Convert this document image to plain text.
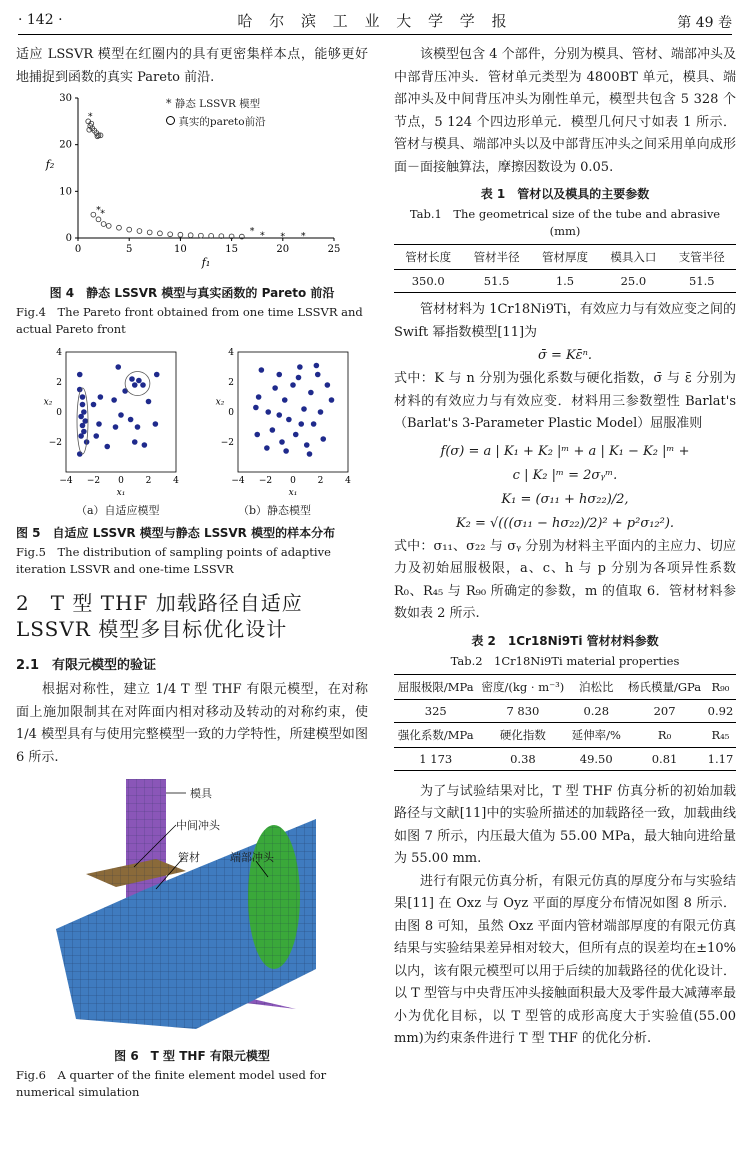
· 142 ·	哈 尔 滨 工 业 大 学 学 报	第 49 卷

适应 LSSVR 模型在红圈内的具有更密集样本点，能够更好地捕捉到函数的真实 Pareto 前沿.

0	5	10	15	20	25
0
10
20
30
f₁
f₂
*
* *
*
* *
*
* 静态 LSSVR 模型
真实的pareto前沿

图 4　静态 LSSVR 模型与真实函数的 Pareto 前沿

Fig.4　The Pareto front obtained from one time LSSVR and actual Pareto front

−4 −2 0 2 4
−2
0
2
4
x₁
x₂
−4 −2 0 2 4
−2
0
2
4
x₁
x₂
（a）自适应模型	（b）静态模型

图 5　自适应 LSSVR 模型与静态 LSSVR 模型的样本分布

Fig.5　The distribution of sampling points of adaptive iteration LSSVR and one-time LSSVR

2　T 型 THF 加载路径自适应 LSSVR 模型多目标优化设计

2.1　有限元模型的验证

根据对称性，建立 1/4 T 型 THF 有限元模型，在对称面上施加限制其在对阵面内相对移动及转动的对称约束，使 1/4 模型具有与使用完整模型一致的力学特性，所建模型如图 6 所示.

模具
中间冲头
管材	端部冲头

图 6　T 型 THF 有限元模型

Fig.6　A quarter of the finite element model used for numerical simulation

该模型包含 4 个部件，分别为模具、管材、端部冲头及中部背压冲头．管材单元类型为 4800BT 单元，模具、端部冲头及中间背压冲头为刚性单元，模型共包含 5 328 个节点，5 124 个四边形单元．模型几何尺寸如表 1 所示．管材与模具、端部冲头以及中部背压冲头之间采用单向成形面－面接触算法，摩擦因数设为 0.05.

表 1　管材以及模具的主要参数

Tab.1　The geometrical size of the tube and abrasive　(mm)

管材长度	管材半径	管材厚度	模具入口	支管半径
350.0	51.5	1.5	25.0	51.5

管材材料为 1Cr18Ni9Ti，有效应力与有效应变之间的 Swift 幂指数模型[11]为

σ̄ = Kε̄ⁿ.

式中：K 与 n 分别为强化系数与硬化指数，σ̄ 与 ε̄ 分别为材料的有效应力与有效应变．材料用三参数塑性 Barlat's（Barlat's 3-Parameter Plastic Model）屈服准则

f(σ) = a | K₁ + K₂ |ᵐ + a | K₁ − K₂ |ᵐ +

c | K₂ |ᵐ = 2σᵧᵐ.

K₁ = (σ₁₁ + hσ₂₂)/2,

K₂ = √(((σ₁₁ − hσ₂₂)/2)² + p²σ₁₂²).

式中：σ₁₁、σ₂₂ 与 σᵧ 分别为材料主平面内的主应力、切应力及初始屈服极限，a、c、h 与 p 分别为各项异性系数 R₀、R₄₅ 与 R₉₀ 所确定的参数，m 的值取 6．管材材料参数如表 2 所示.

表 2　1Cr18Ni9Ti 管材材料参数

Tab.2　1Cr18Ni9Ti material properties

屈服极限/MPa	密度/(kg · m⁻³)	泊松比	杨氏模量/GPa	R₉₀
325	7 830	0.28	207	0.92
强化系数/MPa	硬化指数	延伸率/%	R₀	R₄₅
1 173	0.38	49.50	0.81	1.17

为了与试验结果对比，T 型 THF 仿真分析的初始加载路径与文献[11]中的实验所描述的加载路径一致，加载曲线如图 7 所示，内压最大值为 55.00 MPa，最大轴向进给量为 55.00 mm.

进行有限元仿真分析，有限元仿真的厚度分布与实验结果[11] 在 Oxz 与 Oyz 平面的厚度分布情况如图 8 所示．由图 8 可知，虽然 Oxz 平面内管材端部厚度的有限元仿真结果与实验结果差异相对较大，但所有点的误差均在±10%以内，该有限元模型可以用于后续的加载路径的优化设计．以 T 型管与中央背压冲头接触面积最大及零件最大减薄率最小为优化目标，以 T 型管的成形高度大于实验值(55.00 mm)为约束条件进行 T 型 THF 的优化分析.
